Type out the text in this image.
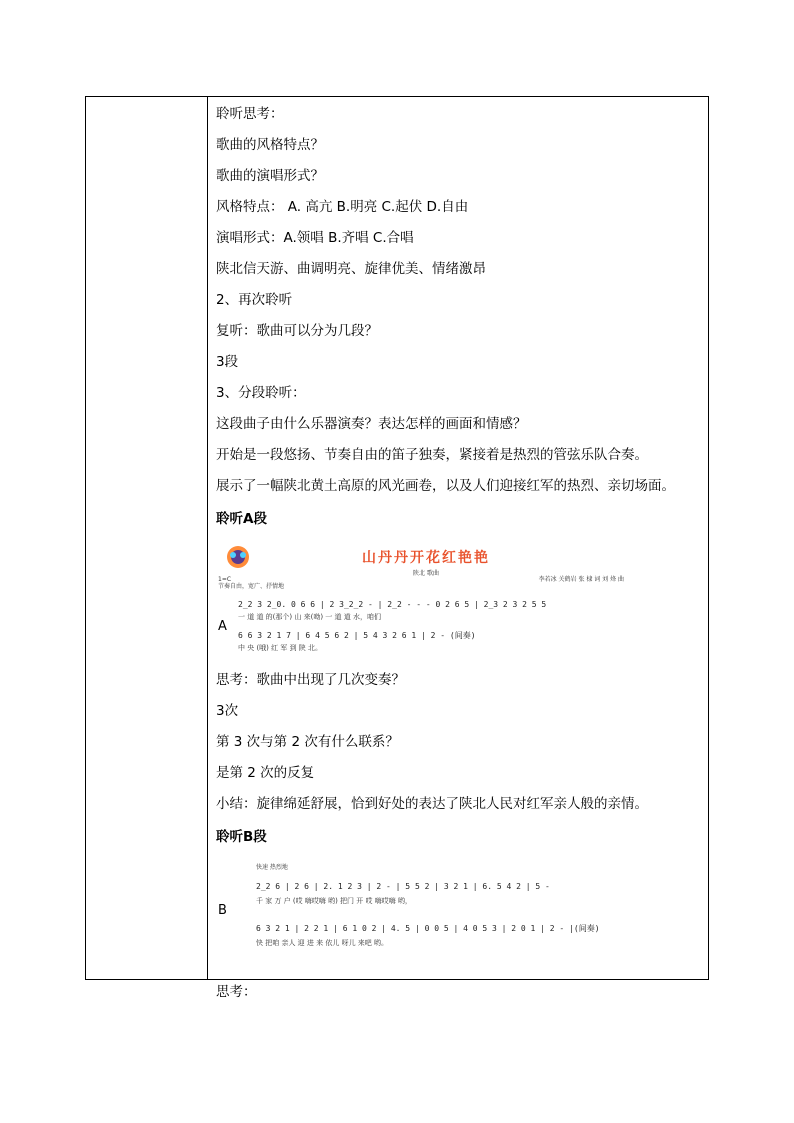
聆听思考：
歌曲的风格特点？
歌曲的演唱形式？
风格特点： A. 高亢 B.明亮 C.起伏 D.自由
演唱形式：A.领唱 B.齐唱 C.合唱
陕北信天游、曲调明亮、旋律优美、情绪激昂
2、再次聆听
复听：歌曲可以分为几段？
3段
3、分段聆听：
这段曲子由什么乐器演奏？表达怎样的画面和情感？
开始是一段悠扬、节奏自由的笛子独奏，紧接着是热烈的管弦乐队合奏。
展示了一幅陕北黄土高原的风光画卷，以及人们迎接红军的热烈、亲切场面。
聆听A段
山丹丹开花红艳艳
陕北 歌曲
1=C
节奏自由，宽广、抒情地
李若冰 关鹤岩 张 棣 词 刘 烽 曲
2̲2 3 2̲0. 0 6 6 | 2 3̲2̲2 - | 2̲2 - - - 0 2 6 5 | 2̲3 2 3 2 5 5
一 道 道 的(那个) 山 来(呦) 一 道 道 水，咱们
6 6 3 2 1 7 | 6 4 5 6 2 | 5 4 3 2 6 1 | 2 - (间奏)
中 央 (哦) 红 军 到 陕 北。
A
思考：歌曲中出现了几次变奏？
3次
第 3 次与第 2 次有什么联系？
是第 2 次的反复
小结：旋律绵延舒展，恰到好处的表达了陕北人民对红军亲人般的亲情。
聆听B段
快速 热烈地
2̲2 6 | 2 6 | 2. 1 2 3 | 2 - | 5 5 2 | 3 2 1 | 6. 5 4 2 | 5 -
千 家 万 户 (哎 嗨哎嗨 哟) 把门 开 哎 嗨哎嗨 哟，
6 3 2 1 | 2 2 1 | 6 1 0 2 | 4. 5 | 0 0 5 | 4 0 5 3 | 2 0 1 | 2 - |(间奏)
快 把咱 亲人 迎 进 来 依儿 呀儿 来吧 哟。
B
思考：
